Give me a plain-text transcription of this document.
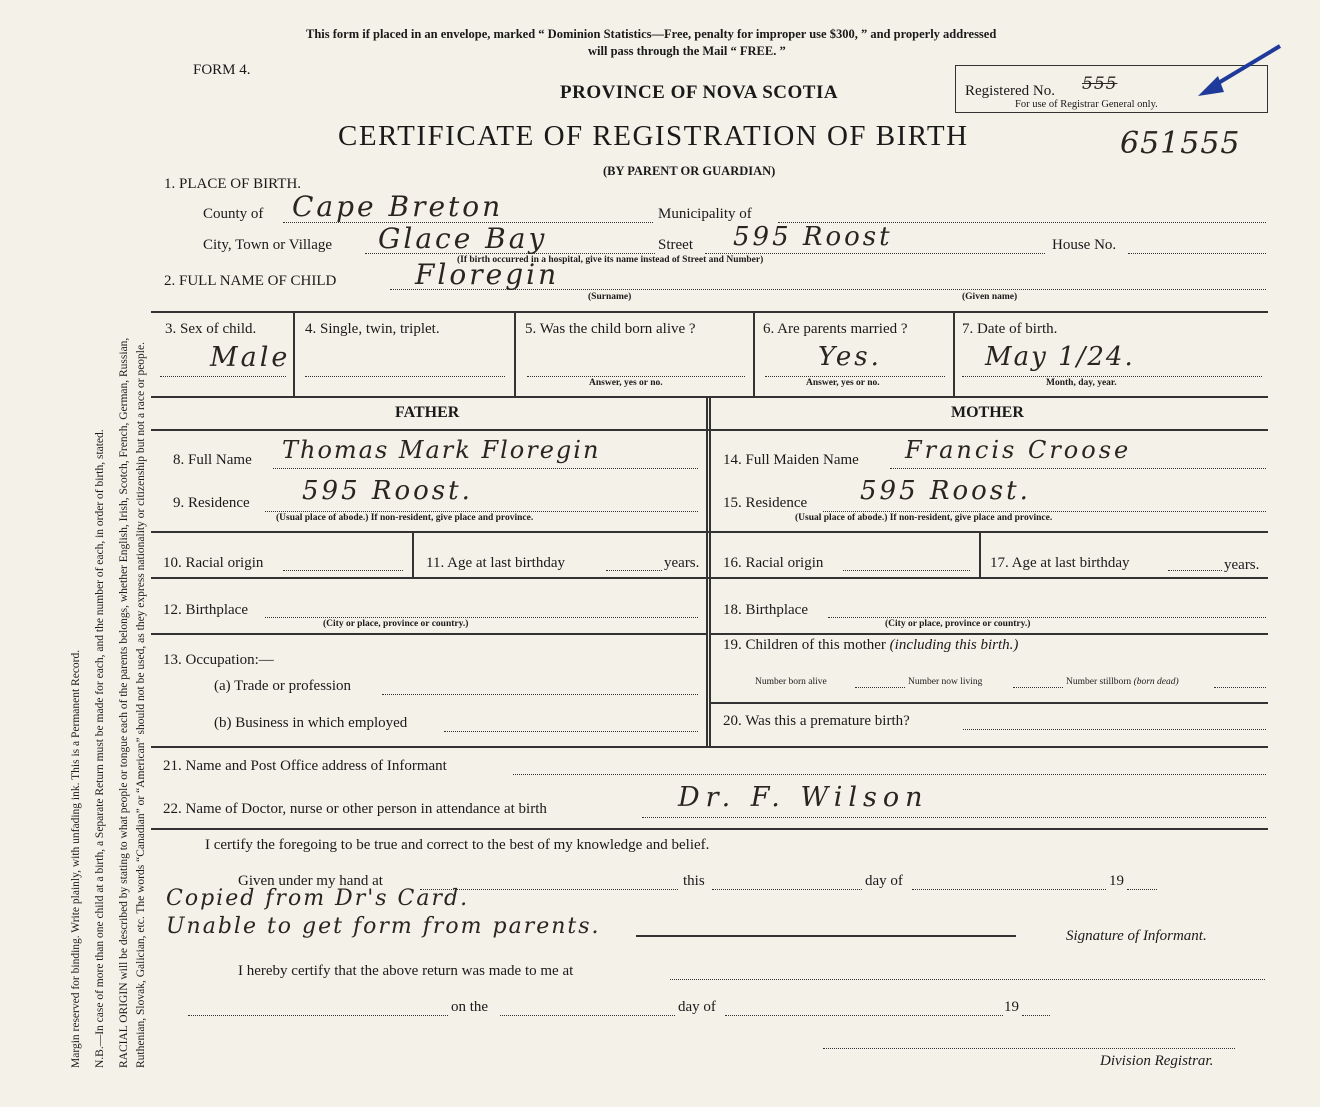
Margin reserved for binding. Write plainly, with unfading ink. This is a Permanent Record. N.B.—In case of more than one child at a birth, a Separate Return must be made for each, and the number of each, in order of birth, stated. RACIAL ORIGIN will be described by stating to what people or tongue each of the parents belongs, whether English, Irish, Scotch, French, German, Russian, Ruthenian, Slovak, Galician, etc. The words “Canadian” or “American” should not be used, as they express nationality or citizenship but not a race or people.
This form if placed in an envelope, marked “ Dominion Statistics—Free, penalty for improper use $300, ” and properly addressed
will pass through the Mail “ FREE. ”
FORM 4.
PROVINCE OF NOVA SCOTIA	Registered No. 555
For use of Registrar General only.
CERTIFICATE OF REGISTRATION OF BIRTH	651555
(BY PARENT OR GUARDIAN)
1. PLACE OF BIRTH.
County of Cape Breton	Municipality of
City, Town or Village Glace Bay	Street 595 Roost	House No.
(If birth occurred in a hospital, give its name instead of Street and Number)
2. FULL NAME OF CHILD	Floregin
(Surname)	(Given name)
3. Sex of child.
Male
4. Single, twin, triplet.	5. Was the child born alive ?
Answer, yes or no.
6. Are parents married ?
Yes.
Answer, yes or no.
7. Date of birth.
May 1/24.
Month, day, year.
FATHER	MOTHER
8. Full Name Thomas Mark Floregin	14. Full Maiden Name Francis Croose
9. Residence 595 Roost.
(Usual place of abode.) If non-resident, give place and province.
15. Residence 595 Roost.
(Usual place of abode.) If non-resident, give place and province.
10. Racial origin	11. Age at last birthday	years. 16. Racial origin	17. Age at last birthday	years.
12. Birthplace
(City or place, province or country.)
18. Birthplace
(City or place, province or country.)
13. Occupation:—
(a) Trade or profession
(b) Business in which employed
19. Children of this mother (including this birth.)
Number born alive	Number now living	Number stillborn (born dead)
20. Was this a premature birth?
21. Name and Post Office address of Informant
22. Name of Doctor, nurse or other person in attendance at birth	Dr. F. Wilson
I certify the foregoing to be true and correct to the best of my knowledge and belief.
Given under my hand at	this	day of	19
Copied from Dr's Card.
Unable to get form from parents.	Signature of Informant.
I hereby certify that the above return was made to me at
on the	day of	19
Division Registrar.
